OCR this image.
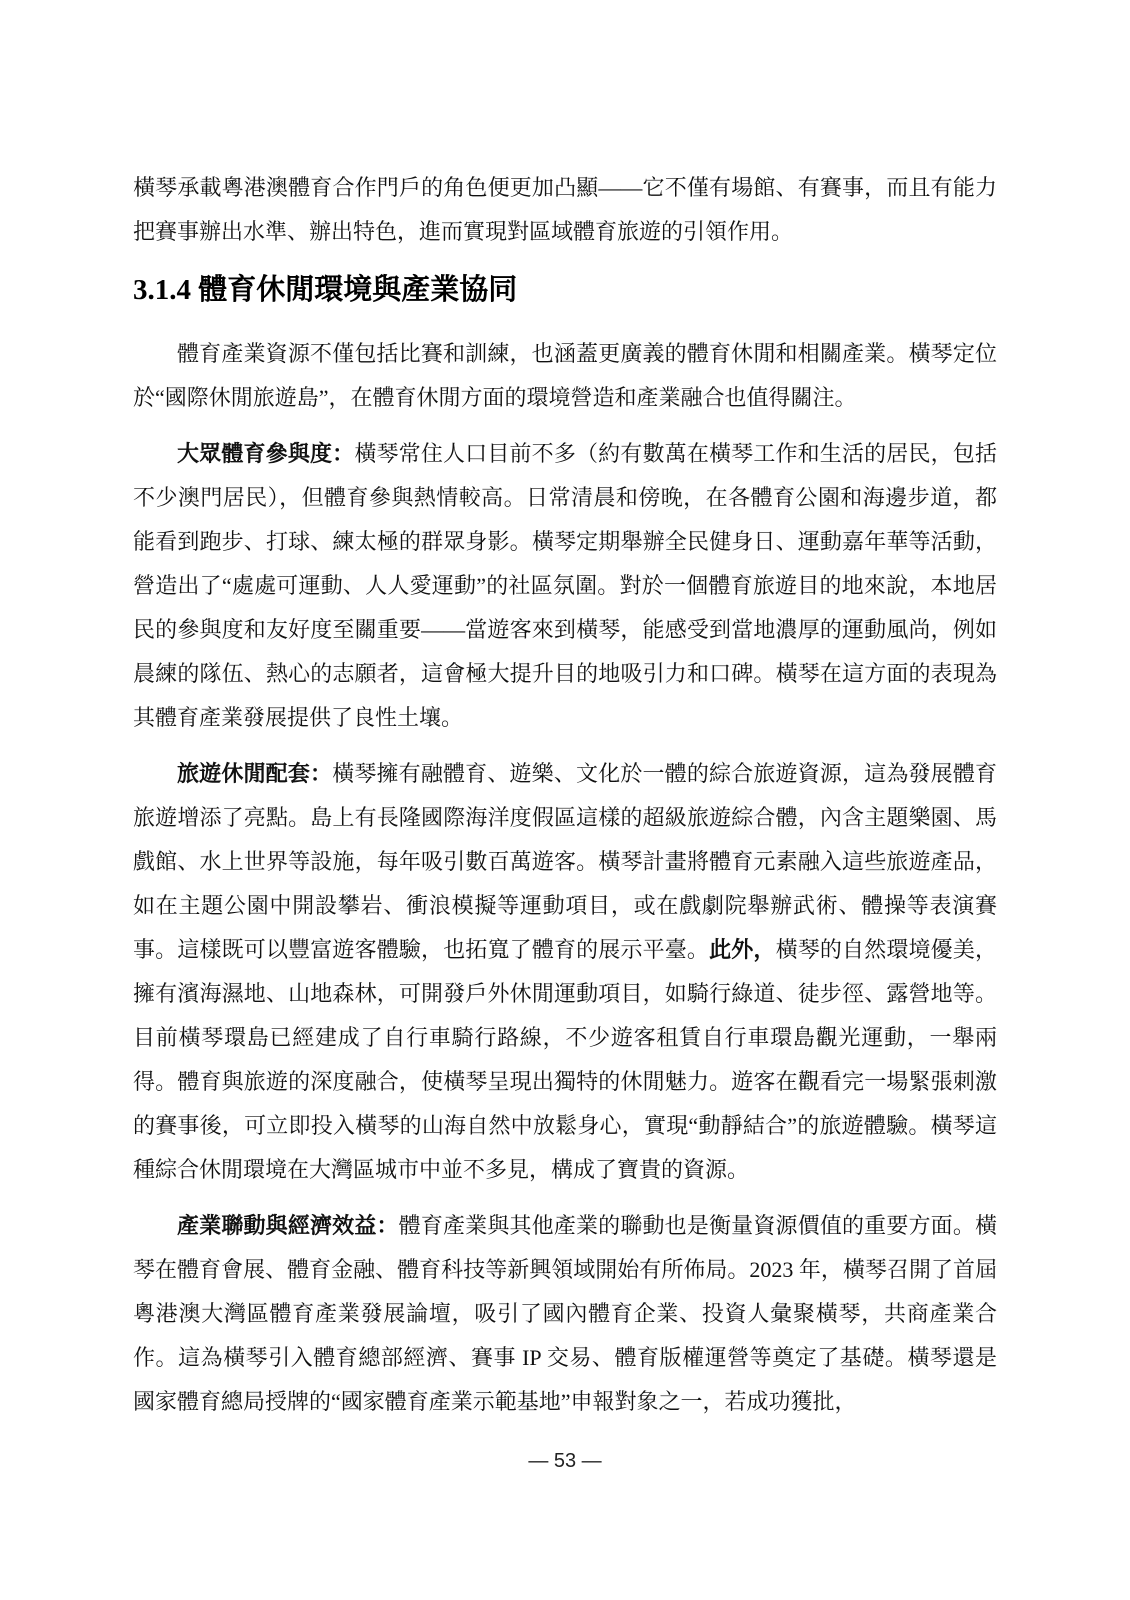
橫琴承載粵港澳體育合作門戶的角色便更加凸顯——它不僅有場館、有賽事，而且有能力把賽事辦出水準、辦出特色，進而實現對區域體育旅遊的引領作用。

3.1.4 體育休閒環境與產業協同

體育產業資源不僅包括比賽和訓練，也涵蓋更廣義的體育休閒和相關產業。橫琴定位於“國際休閒旅遊島”，在體育休閒方面的環境營造和產業融合也值得關注。

大眾體育參與度：橫琴常住人口目前不多（約有數萬在橫琴工作和生活的居民，包括不少澳門居民），但體育參與熱情較高。日常清晨和傍晚，在各體育公園和海邊步道，都能看到跑步、打球、練太極的群眾身影。橫琴定期舉辦全民健身日、運動嘉年華等活動，營造出了“處處可運動、人人愛運動”的社區氛圍。對於一個體育旅遊目的地來說，本地居民的參與度和友好度至關重要——當遊客來到橫琴，能感受到當地濃厚的運動風尚，例如晨練的隊伍、熱心的志願者，這會極大提升目的地吸引力和口碑。橫琴在這方面的表現為其體育產業發展提供了良性土壤。

旅遊休閒配套：橫琴擁有融體育、遊樂、文化於一體的綜合旅遊資源，這為發展體育旅遊增添了亮點。島上有長隆國際海洋度假區這樣的超級旅遊綜合體，內含主題樂園、馬戲館、水上世界等設施，每年吸引數百萬遊客。橫琴計畫將體育元素融入這些旅遊產品，如在主題公園中開設攀岩、衝浪模擬等運動項目，或在戲劇院舉辦武術、體操等表演賽事。這樣既可以豐富遊客體驗，也拓寬了體育的展示平臺。此外，橫琴的自然環境優美，擁有濱海濕地、山地森林，可開發戶外休閒運動項目，如騎行綠道、徒步徑、露營地等。目前橫琴環島已經建成了自行車騎行路線，不少遊客租賃自行車環島觀光運動，一舉兩得。體育與旅遊的深度融合，使橫琴呈現出獨特的休閒魅力。遊客在觀看完一場緊張刺激的賽事後，可立即投入橫琴的山海自然中放鬆身心，實現“動靜結合”的旅遊體驗。橫琴這種綜合休閒環境在大灣區城市中並不多見，構成了寶貴的資源。

產業聯動與經濟效益：體育產業與其他產業的聯動也是衡量資源價值的重要方面。橫琴在體育會展、體育金融、體育科技等新興領域開始有所佈局。2023 年，橫琴召開了首屆粵港澳大灣區體育產業發展論壇，吸引了國內體育企業、投資人彙聚橫琴，共商產業合作。這為橫琴引入體育總部經濟、賽事 IP 交易、體育版權運營等奠定了基礎。橫琴還是國家體育總局授牌的“國家體育產業示範基地”申報對象之一，若成功獲批，

— 53 —
